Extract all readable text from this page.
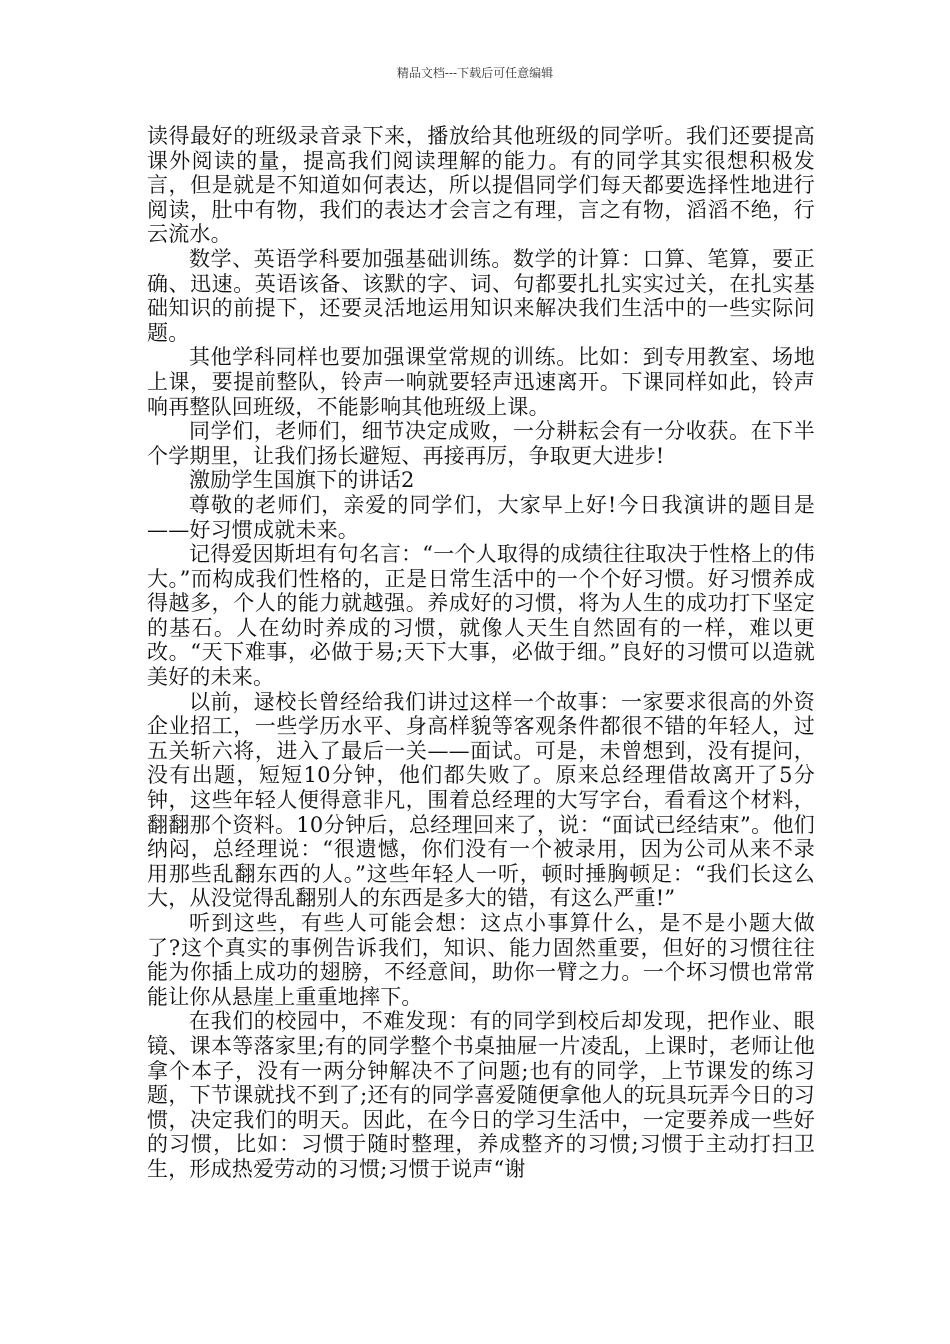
精品文档---下载后可任意编辑

读得最好的班级录音录下来，播放给其他班级的同学听。我们还要提高课外阅读的量，提高我们阅读理解的能力。有的同学其实很想积极发言，但是就是不知道如何表达，所以提倡同学们每天都要选择性地进行阅读，肚中有物，我们的表达才会言之有理，言之有物，滔滔不绝，行云流水。

数学、英语学科要加强基础训练。数学的计算：口算、笔算，要正确、迅速。英语该备、该默的字、词、句都要扎扎实实过关，在扎实基础知识的前提下，还要灵活地运用知识来解决我们生活中的一些实际问题。

其他学科同样也要加强课堂常规的训练。比如：到专用教室、场地上课，要提前整队，铃声一响就要轻声迅速离开。下课同样如此，铃声响再整队回班级，不能影响其他班级上课。

同学们，老师们，细节决定成败，一分耕耘会有一分收获。在下半个学期里，让我们扬长避短、再接再厉，争取更大进步!

激励学生国旗下的讲话2

尊敬的老师们，亲爱的同学们，大家早上好!今日我演讲的题目是——好习惯成就未来。

记得爱因斯坦有句名言：“一个人取得的成绩往往取决于性格上的伟大。”而构成我们性格的，正是日常生活中的一个个好习惯。好习惯养成得越多，个人的能力就越强。养成好的习惯，将为人生的成功打下坚定的基石。人在幼时养成的习惯，就像人天生自然固有的一样，难以更改。“天下难事，必做于易;天下大事，必做于细。”良好的习惯可以造就美好的未来。

以前，逯校长曾经给我们讲过这样一个故事：一家要求很高的外资企业招工，一些学历水平、身高样貌等客观条件都很不错的年轻人，过五关斩六将，进入了最后一关——面试。可是，未曾想到，没有提问，没有出题，短短10分钟，他们都失败了。原来总经理借故离开了5分钟，这些年轻人便得意非凡，围着总经理的大写字台，看看这个材料，翻翻那个资料。10分钟后，总经理回来了，说：“面试已经结束”。他们纳闷，总经理说：“很遗憾，你们没有一个被录用，因为公司从来不录用那些乱翻东西的人。”这些年轻人一听，顿时捶胸顿足：“我们长这么大，从没觉得乱翻别人的东西是多大的错，有这么严重!”

听到这些，有些人可能会想：这点小事算什么，是不是小题大做了?这个真实的事例告诉我们，知识、能力固然重要，但好的习惯往往能为你插上成功的翅膀，不经意间，助你一臂之力。一个坏习惯也常常能让你从悬崖上重重地摔下。

在我们的校园中，不难发现：有的同学到校后却发现，把作业、眼镜、课本等落家里;有的同学整个书桌抽屉一片凌乱，上课时，老师让他拿个本子，没有一两分钟解决不了问题;也有的同学，上节课发的练习题，下节课就找不到了;还有的同学喜爱随便拿他人的玩具玩弄今日的习惯，决定我们的明天。因此，在今日的学习生活中，一定要养成一些好的习惯，比如：习惯于随时整理，养成整齐的习惯;习惯于主动打扫卫生，形成热爱劳动的习惯;习惯于说声“谢
